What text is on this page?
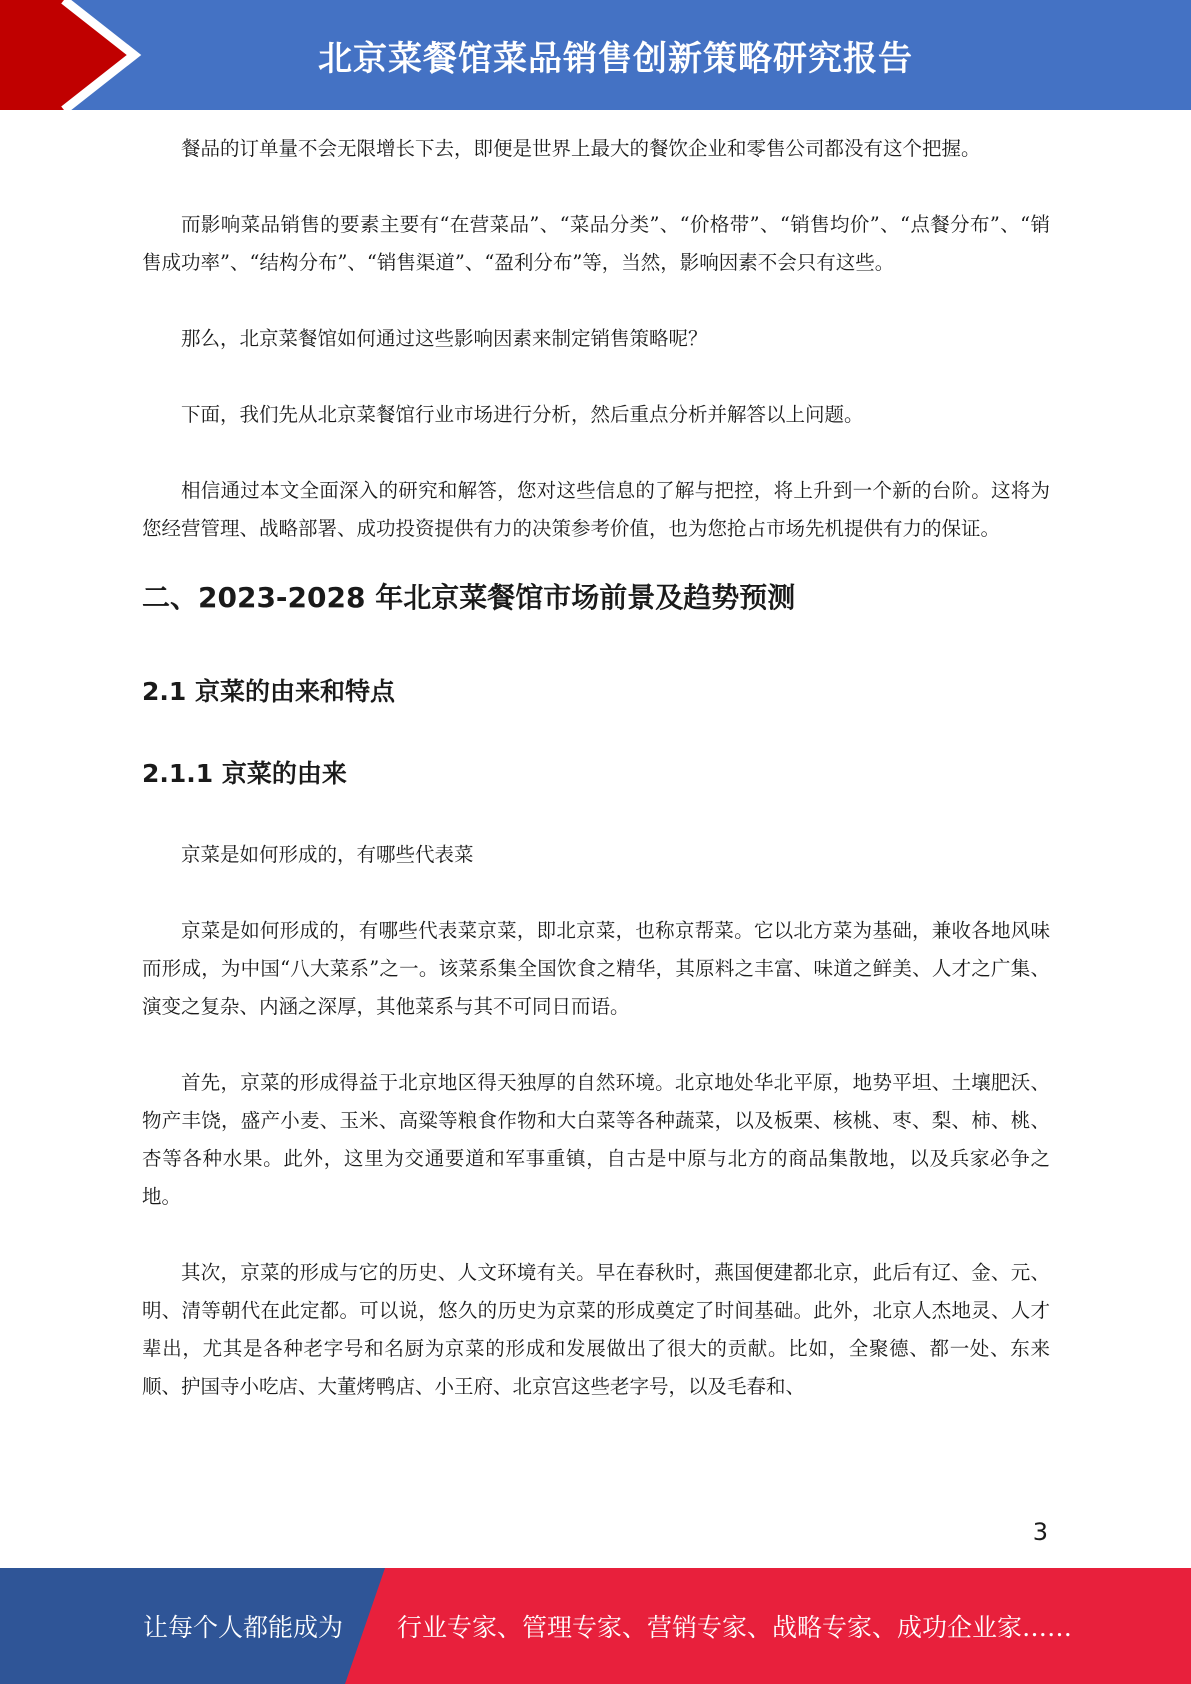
北京菜餐馆菜品销售创新策略研究报告

餐品的订单量不会无限增长下去，即便是世界上最大的餐饮企业和零售公司都没有这个把握。

而影响菜品销售的要素主要有“在营菜品”、“菜品分类”、“价格带”、“销售均价”、“点餐分布”、“销售成功率”、“结构分布”、“销售渠道”、“盈利分布”等，当然，影响因素不会只有这些。

那么，北京菜餐馆如何通过这些影响因素来制定销售策略呢？

下面，我们先从北京菜餐馆行业市场进行分析，然后重点分析并解答以上问题。

相信通过本文全面深入的研究和解答，您对这些信息的了解与把控，将上升到一个新的台阶。这将为您经营管理、战略部署、成功投资提供有力的决策参考价值，也为您抢占市场先机提供有力的保证。

二、2023-2028 年北京菜餐馆市场前景及趋势预测
2.1 京菜的由来和特点
2.1.1 京菜的由来

京菜是如何形成的，有哪些代表菜

京菜是如何形成的，有哪些代表菜京菜，即北京菜，也称京帮菜。它以北方菜为基础，兼收各地风味而形成，为中国“八大菜系”之一。该菜系集全国饮食之精华，其原料之丰富、味道之鲜美、人才之广集、演变之复杂、内涵之深厚，其他菜系与其不可同日而语。

首先，京菜的形成得益于北京地区得天独厚的自然环境。北京地处华北平原，地势平坦、土壤肥沃、物产丰饶，盛产小麦、玉米、高粱等粮食作物和大白菜等各种蔬菜，以及板栗、核桃、枣、梨、柿、桃、杏等各种水果。此外，这里为交通要道和军事重镇，自古是中原与北方的商品集散地，以及兵家必争之地。

其次，京菜的形成与它的历史、人文环境有关。早在春秋时，燕国便建都北京，此后有辽、金、元、明、清等朝代在此定都。可以说，悠久的历史为京菜的形成奠定了时间基础。此外，北京人杰地灵、人才辈出，尤其是各种老字号和名厨为京菜的形成和发展做出了很大的贡献。比如，全聚德、都一处、东来顺、护国寺小吃店、大董烤鸭店、小王府、北京宫这些老字号，以及毛春和、

3
让每个人都能成为 行业专家、管理专家、营销专家、战略专家、成功企业家……
